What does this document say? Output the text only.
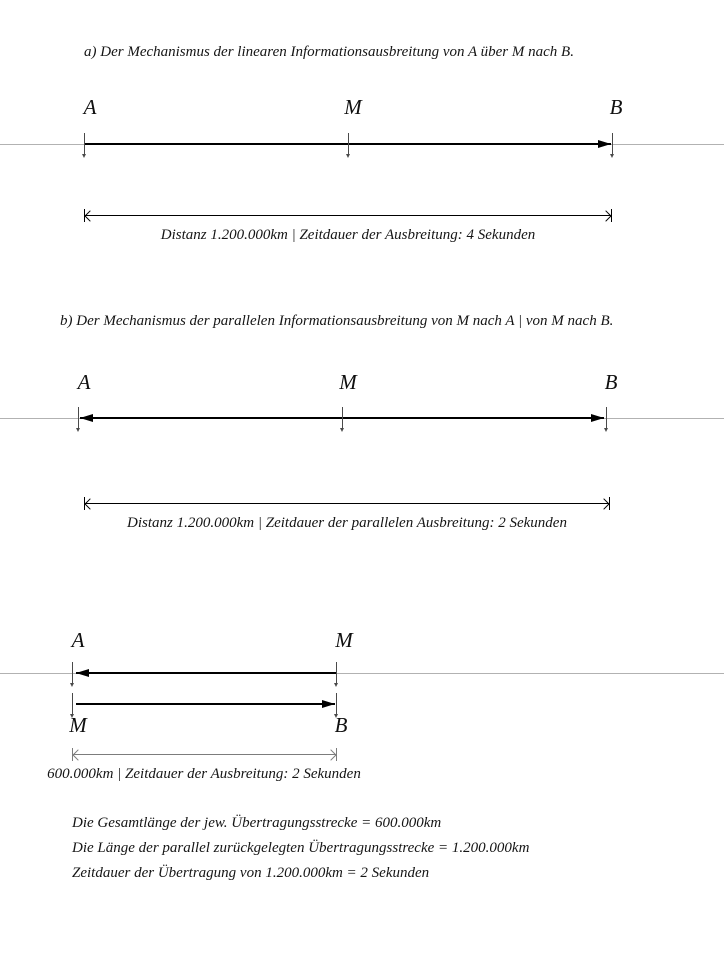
a) Der Mechanismus der linearen Informationsausbreitung von A über M nach B.
A	M	B
Distanz 1.200.000km | Zeitdauer der Ausbreitung: 4 Sekunden
b) Der Mechanismus der parallelen Informationsausbreitung von M nach A | von M nach B.
A	M	B
Distanz 1.200.000km | Zeitdauer der parallelen Ausbreitung: 2 Sekunden
A	M
M	B
600.000km | Zeitdauer der Ausbreitung: 2 Sekunden
Die Gesamtlänge der jew. Übertragungsstrecke = 600.000km
Die Länge der parallel zurückgelegten Übertragungsstrecke = 1.200.000km
Zeitdauer der Übertragung von 1.200.000km = 2 Sekunden
